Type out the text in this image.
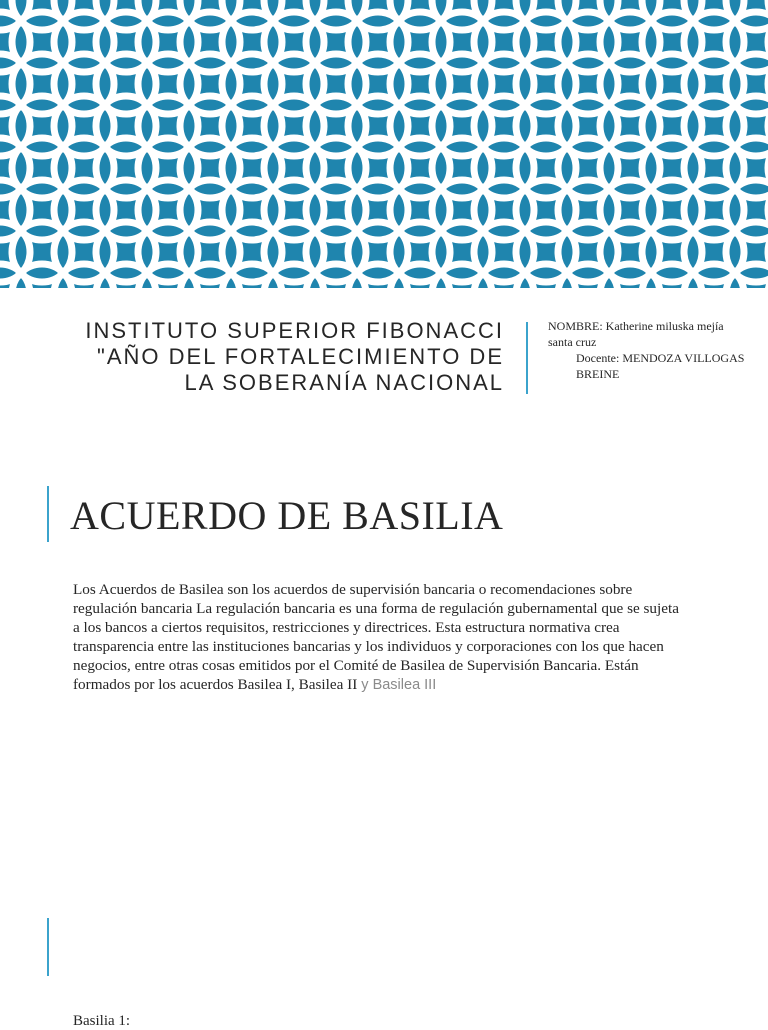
INSTITUTO SUPERIOR FIBONACCI
"AÑO DEL FORTALECIMIENTO DE
LA SOBERANÍA NACIONAL
NOMBRE: Katherine miluska mejía santa cruz
Docente: MENDOZA VILLOGAS BREINE
ACUERDO DE BASILIA

Los Acuerdos de Basilea son los acuerdos de supervisión bancaria o recomendaciones sobre regulación bancaria La regulación bancaria es una forma de regulación gubernamental que se sujeta a los bancos a ciertos requisitos, restricciones y directrices. Esta estructura normativa crea transparencia entre las instituciones bancarias y los individuos y corporaciones con los que hacen negocios, entre otras cosas emitidos por el Comité de Basilea de Supervisión Bancaria. Están formados por los acuerdos Basilea I, Basilea II y Basilea III

Basilia 1:
